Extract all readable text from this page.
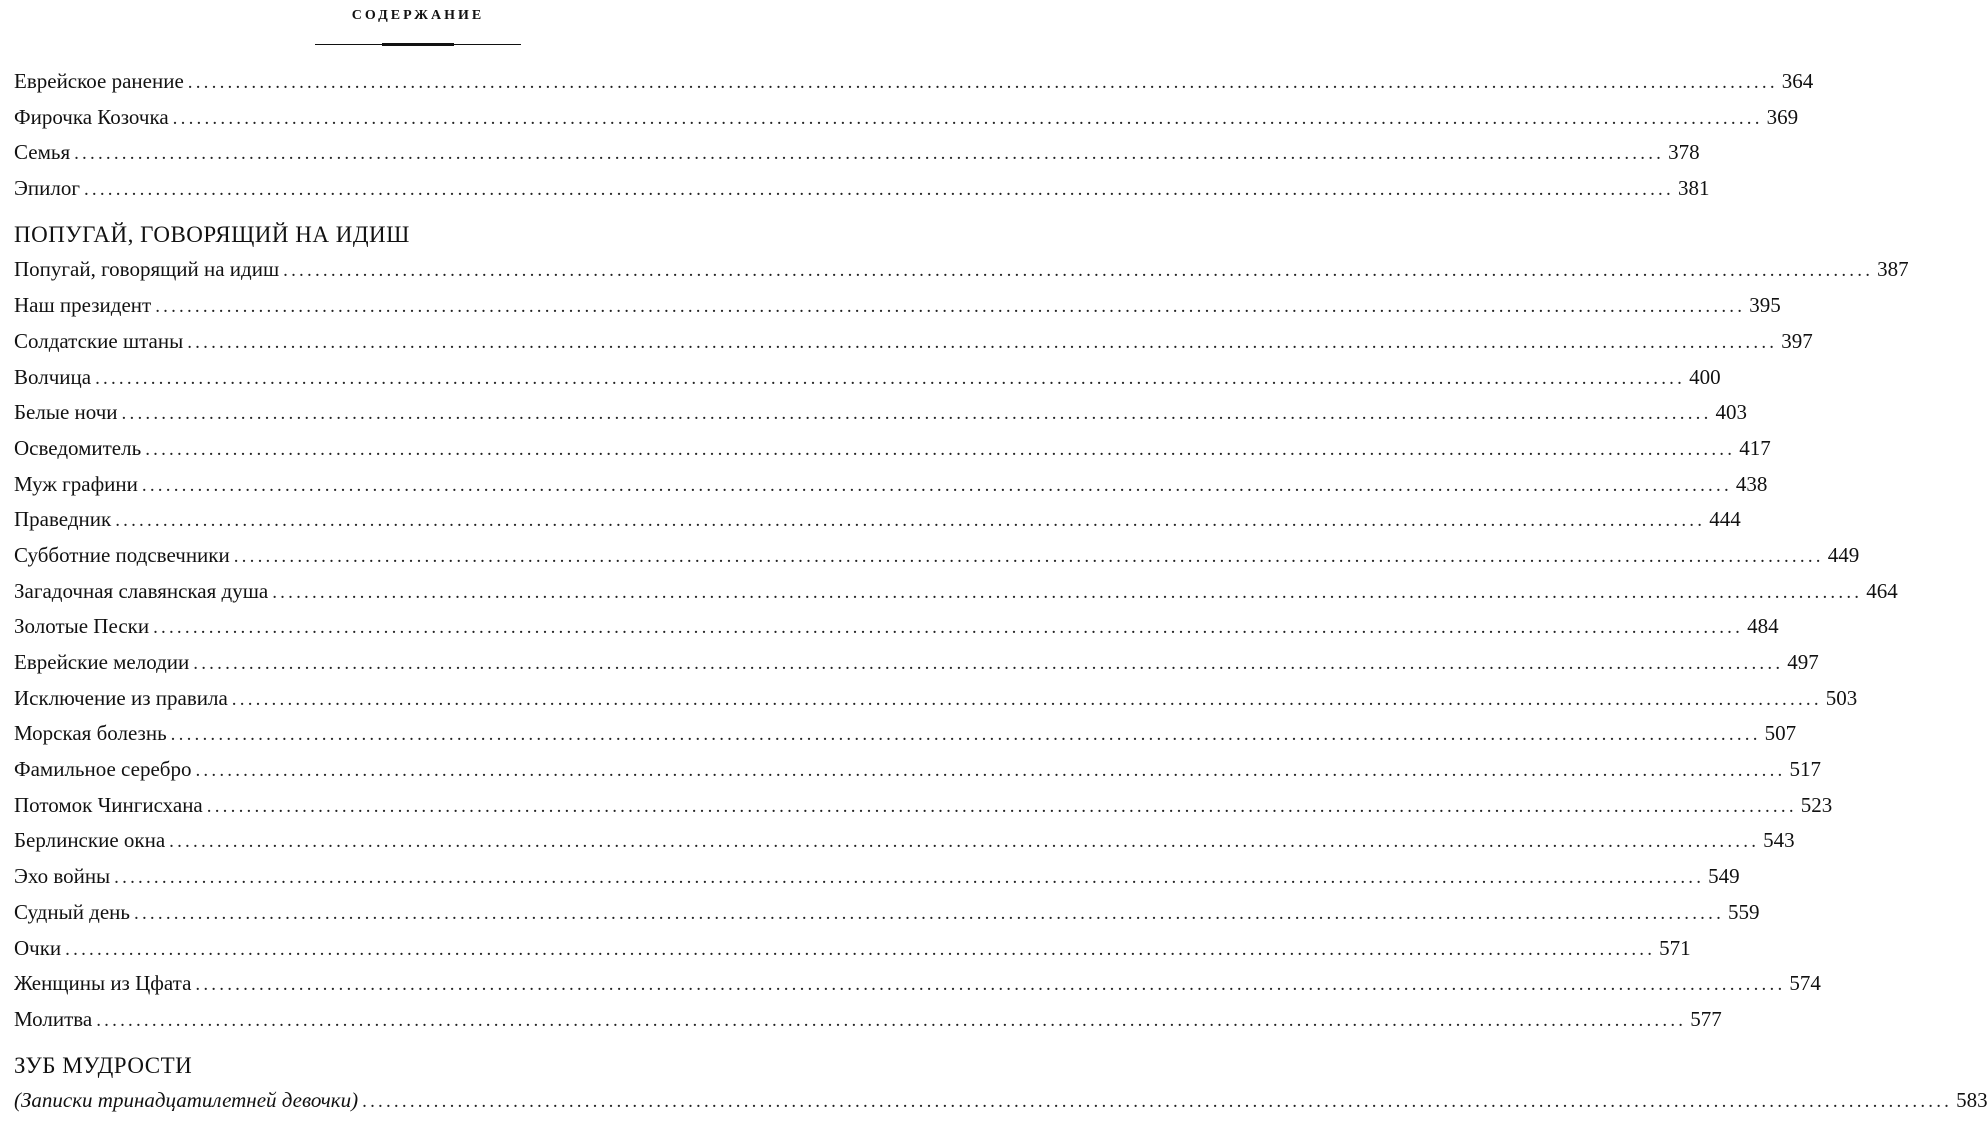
СОДЕРЖАНИЕ
Еврейское ранение ........................................................................................................................................................................................................ 364
Фирочка Козочка ........................................................................................................................................................................................................ 369
Семья ........................................................................................................................................................................................................ 378
Эпилог ........................................................................................................................................................................................................ 381
ПОПУГАЙ, ГОВОРЯЩИЙ НА ИДИШ
Попугай, говорящий на идиш ........................................................................................................................................................................................................ 387
Наш президент ........................................................................................................................................................................................................ 395
Солдатские штаны ........................................................................................................................................................................................................ 397
Волчица ........................................................................................................................................................................................................ 400
Белые ночи ........................................................................................................................................................................................................ 403
Осведомитель ........................................................................................................................................................................................................ 417
Муж графини ........................................................................................................................................................................................................ 438
Праведник ........................................................................................................................................................................................................ 444
Субботние подсвечники ........................................................................................................................................................................................................ 449
Загадочная славянская душа ........................................................................................................................................................................................................ 464
Золотые Пески ........................................................................................................................................................................................................ 484
Еврейские мелодии ........................................................................................................................................................................................................ 497
Исключение из правила ........................................................................................................................................................................................................ 503
Морская болезнь ........................................................................................................................................................................................................ 507
Фамильное серебро ........................................................................................................................................................................................................ 517
Потомок Чингисхана ........................................................................................................................................................................................................ 523
Берлинские окна ........................................................................................................................................................................................................ 543
Эхо войны ........................................................................................................................................................................................................ 549
Судный день ........................................................................................................................................................................................................ 559
Очки ........................................................................................................................................................................................................ 571
Женщины из Цфата ........................................................................................................................................................................................................ 574
Молитва ........................................................................................................................................................................................................ 577
ЗУБ МУДРОСТИ
(Записки тринадцатилетней девочки) ........................................................................................................................................................................................................ 583
